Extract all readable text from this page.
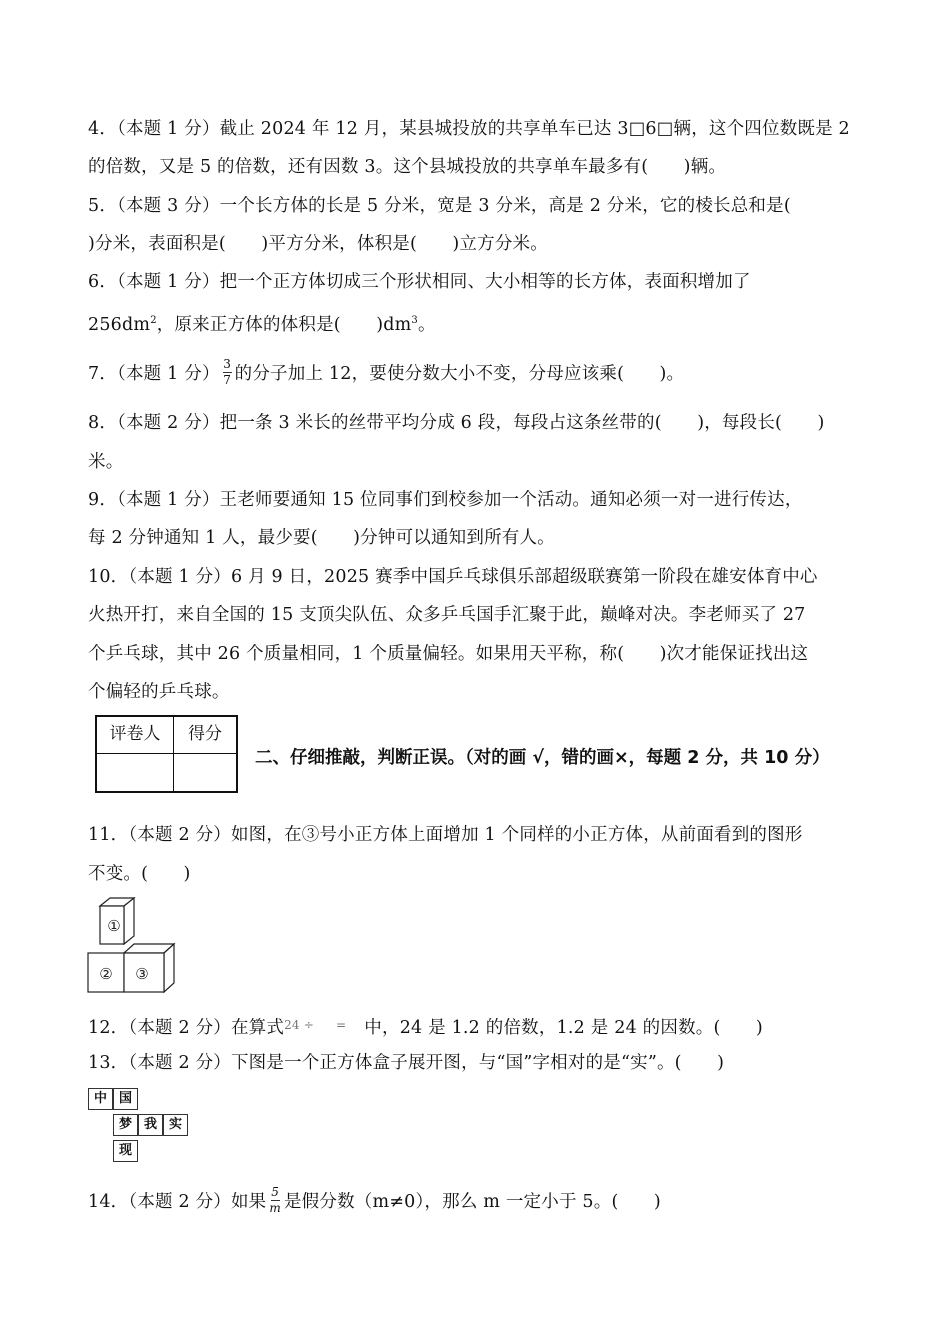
4．（本题 1 分）截止 2024 年 12 月，某县城投放的共享单车已达 3□6□辆，这个四位数既是 2
的倍数，又是 5 的倍数，还有因数 3。这个县城投放的共享单车最多有(　　)辆。
5．（本题 3 分）一个长方体的长是 5 分米，宽是 3 分米，高是 2 分米，它的棱长总和是(
)分米，表面积是(　　)平方分米，体积是(　　)立方分米。
6．（本题 1 分）把一个正方体切成三个形状相同、大小相等的长方体，表面积增加了
$256dm^2$，原来正方体的体积是(　　)$dm^3$。
7．（本题 1 分） $\frac{3}{7}$ 的分子加上 12，要使分数大小不变，分母应该乘(　　)。
8．（本题 2 分）把一条 3 米长的丝带平均分成 6 段，每段占这条丝带的(　　)，每段长(　　)
米。
9．（本题 1 分）王老师要通知 15 位同事们到校参加一个活动。通知必须一对一进行传达，
每 2 分钟通知 1 人，最少要(　　)分钟可以通知到所有人。
10．（本题 1 分）6 月 9 日，2025 赛季中国乒乓球俱乐部超级联赛第一阶段在雄安体育中心
火热开打，来自全国的 15 支顶尖队伍、众多乒乓国手汇聚于此，巅峰对决。李老师买了 27
个乒乓球，其中 26 个质量相同，1 个质量偏轻。如果用天平称，称(　　)次才能保证找出这
个偏轻的乒乓球。
评卷人	得分
二、仔细推敲，判断正误。（对的画 √，错的画×，每题 2 分，共 10 分）
11．（本题 2 分）如图，在③号小正方体上面增加 1 个同样的小正方体，从前面看到的图形
不变。(　　)
①
② ③
12．（本题 2 分）在算式$^{24 \div}$ = 中，24 是 1.2 的倍数，1.2 是 24 的因数。(　　)
13．（本题 2 分）下图是一个正方体盒子展开图，与“国”字相对的是“实”。(　　)
中 国
梦 我 实
现
14．（本题 2 分）如果 $\frac{5}{m}$ 是假分数（m≠0），那么 m 一定小于 5。(　　)
